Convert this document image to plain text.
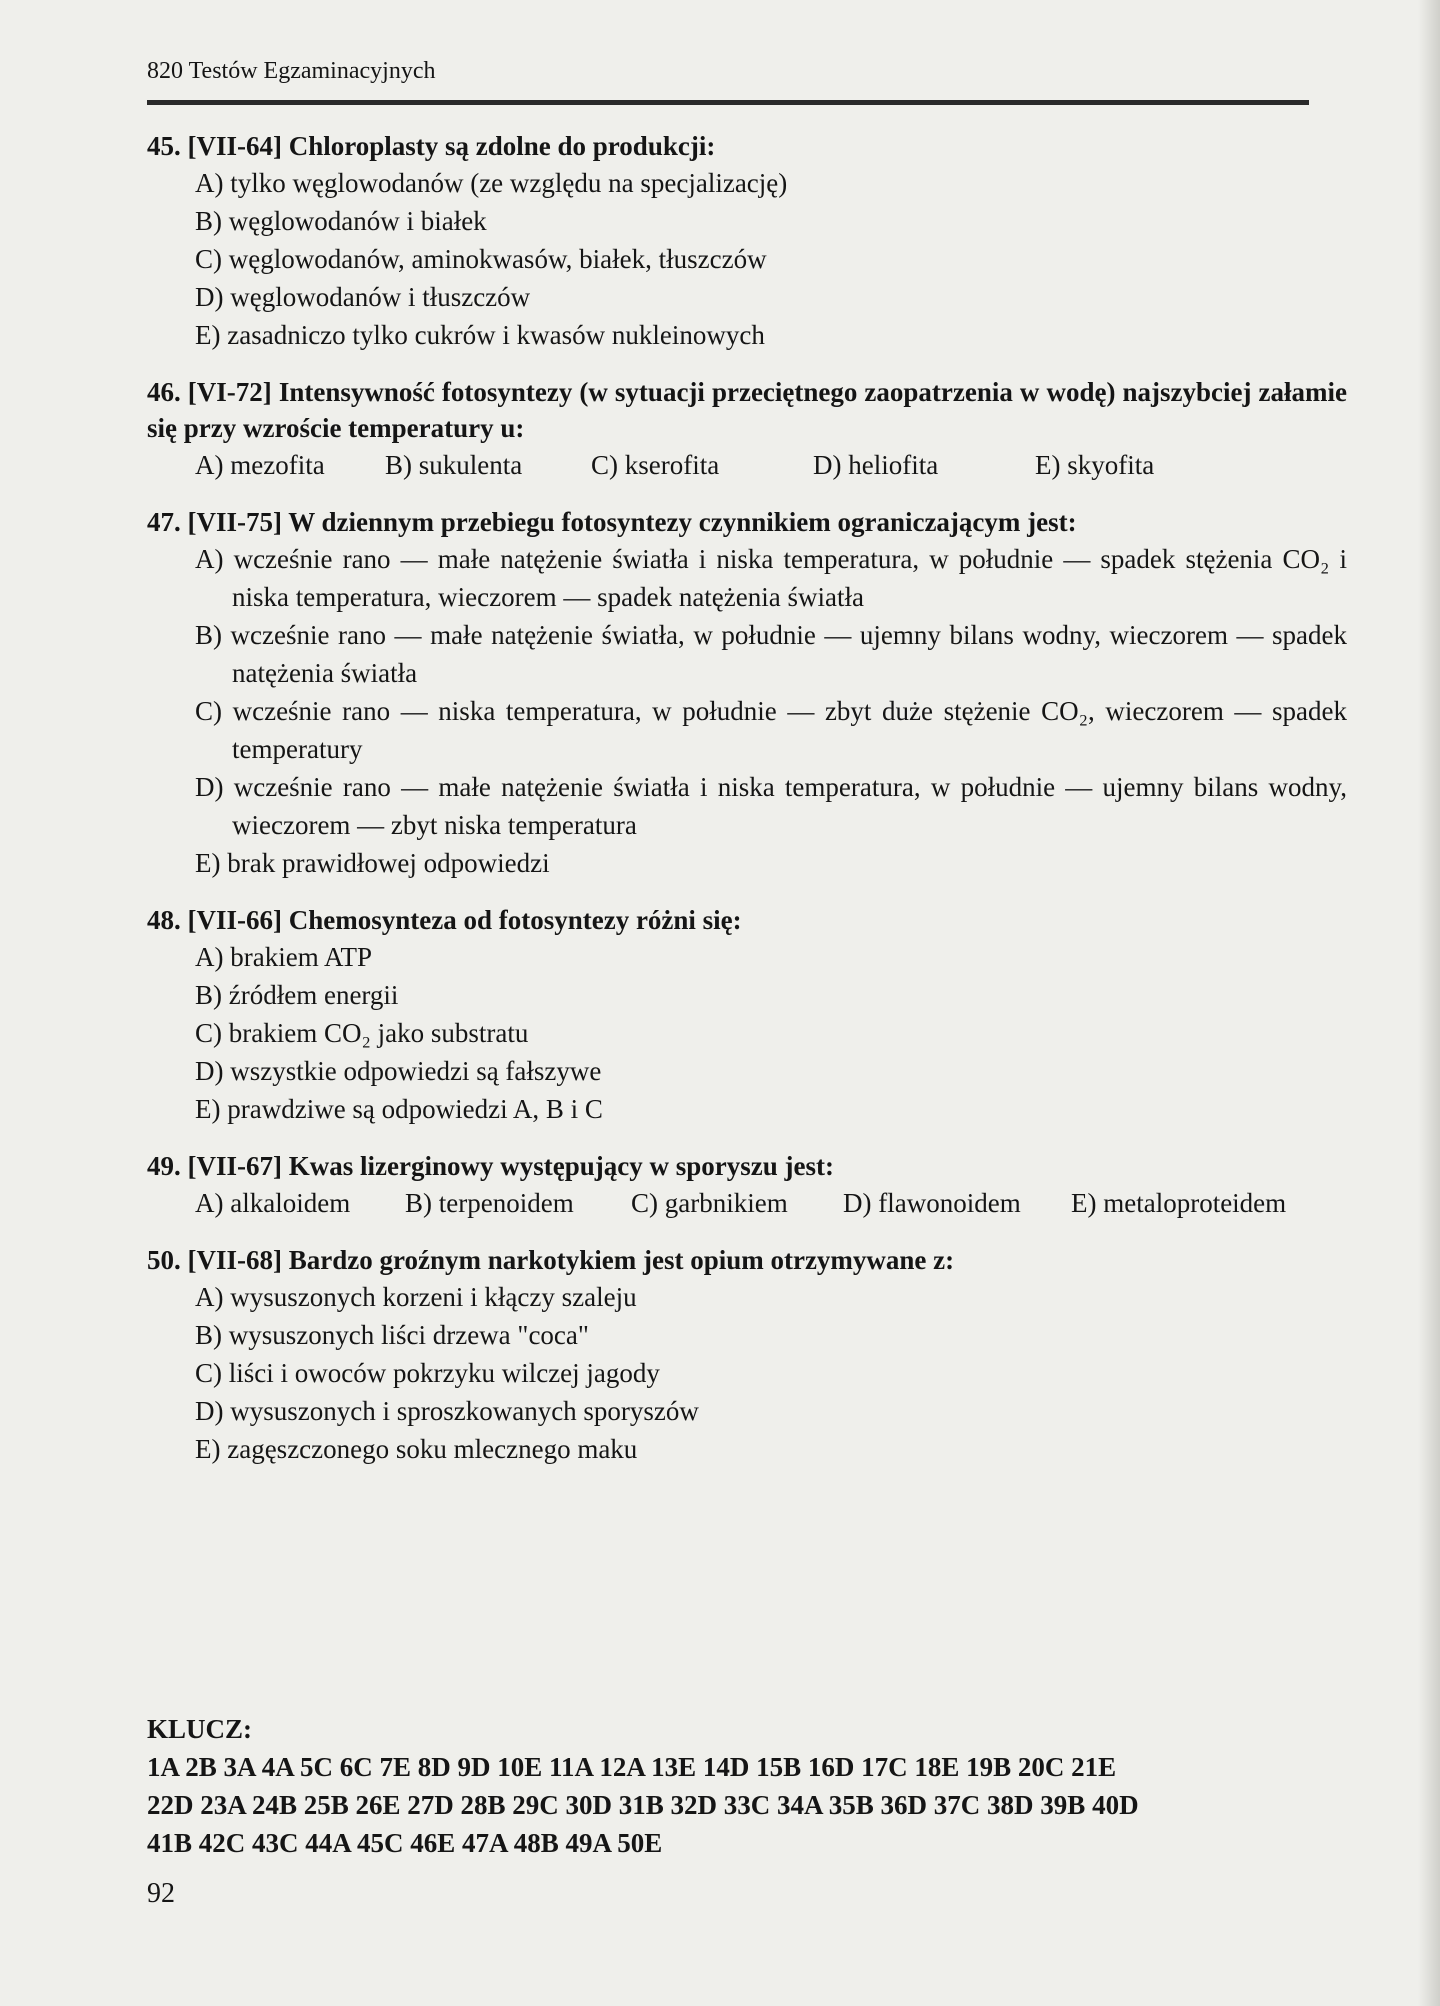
820 Testów Egzaminacyjnych
45. [VII-64] Chloroplasty są zdolne do produkcji:
A) tylko węglowodanów (ze względu na specjalizację)
B) węglowodanów i białek
C) węglowodanów, aminokwasów, białek, tłuszczów
D) węglowodanów i tłuszczów
E) zasadniczo tylko cukrów i kwasów nukleinowych
46. [VI-72] Intensywność fotosyntezy (w sytuacji przeciętnego zaopatrzenia w wodę) najszybciej załamie się przy wzroście temperatury u:
A) mezofita	B) sukulenta	C) kserofita	D) heliofita	E) skyofita
47. [VII-75] W dziennym przebiegu fotosyntezy czynnikiem ograniczającym jest:
A) wcześnie rano — małe natężenie światła i niska temperatura, w południe — spadek stężenia CO₂ i niska temperatura, wieczorem — spadek natężenia światła
B) wcześnie rano — małe natężenie światła, w południe — ujemny bilans wodny, wieczorem — spadek natężenia światła
C) wcześnie rano — niska temperatura, w południe — zbyt duże stężenie CO₂, wieczorem — spadek temperatury
D) wcześnie rano — małe natężenie światła i niska temperatura, w południe — ujemny bilans wodny, wieczorem — zbyt niska temperatura
E) brak prawidłowej odpowiedzi
48. [VII-66] Chemosynteza od fotosyntezy różni się:
A) brakiem ATP
B) źródłem energii
C) brakiem CO₂ jako substratu
D) wszystkie odpowiedzi są fałszywe
E) prawdziwe są odpowiedzi A, B i C
49. [VII-67] Kwas lizerginowy występujący w sporyszu jest:
A) alkaloidem	B) terpenoidem	C) garbnikiem	D) flawonoidem	E) metaloproteidem
50. [VII-68] Bardzo groźnym narkotykiem jest opium otrzymywane z:
A) wysuszonych korzeni i kłączy szaleju
B) wysuszonych liści drzewa "coca"
C) liści i owoców pokrzyku wilczej jagody
D) wysuszonych i sproszkowanych sporyszów
E) zagęszczonego soku mlecznego maku
KLUCZ:
1A 2B 3A 4A 5C 6C 7E 8D 9D 10E 11A 12A 13E 14D 15B 16D 17C 18E 19B 20C 21E
22D 23A 24B 25B 26E 27D 28B 29C 30D 31B 32D 33C 34A 35B 36D 37C 38D 39B 40D
41B 42C 43C 44A 45C 46E 47A 48B 49A 50E
92
